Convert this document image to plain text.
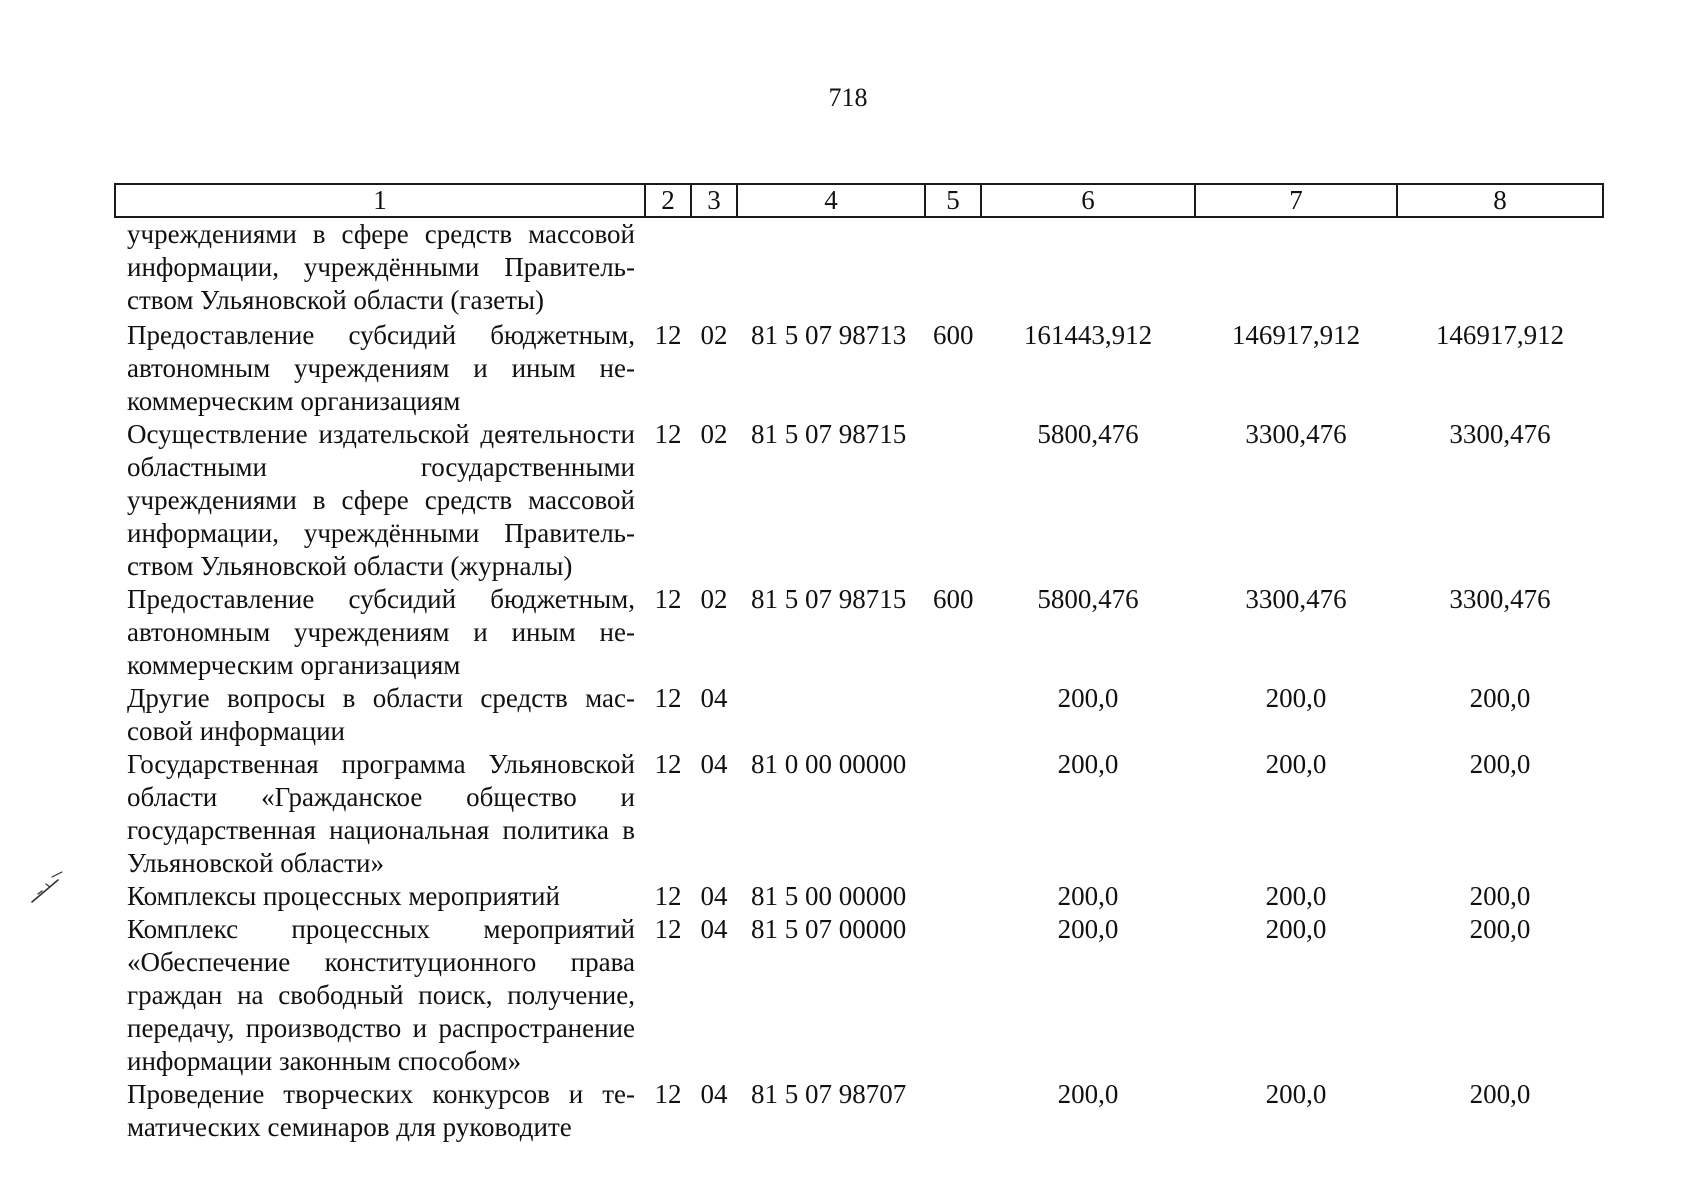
718
1	2	3	4	5	6	7	8
учреждениями в сфере средств массовой информации, учреждёнными Правительством Ульяновской области (газеты)							
Предоставление субсидий бюджетным, автономным учреждениям и иным некоммерческим организациям	12	02	81 5 07 98713	600	161443,912	146917,912	146917,912
Осуществление издательской деятельности областными государственными учреждениями в сфере средств массовой информации, учреждёнными Правительством Ульяновской области (журналы)	12	02	81 5 07 98715		5800,476	3300,476	3300,476
Предоставление субсидий бюджетным, автономным учреждениям и иным некоммерческим организациям	12	02	81 5 07 98715	600	5800,476	3300,476	3300,476
Другие вопросы в области средств массовой информации	12	04			200,0	200,0	200,0
Государственная программа Ульяновской области «Гражданское общество и государственная национальная политика в Ульяновской области»	12	04	81 0 00 00000		200,0	200,0	200,0
Комплексы процессных мероприятий	12	04	81 5 00 00000		200,0	200,0	200,0
Комплекс процессных мероприятий «Обеспечение конституционного права граждан на свободный поиск, получение, передачу, производство и распространение информации законным способом»	12	04	81 5 07 00000		200,0	200,0	200,0
Проведение творческих конкурсов и тематических семинаров для руководите	12	04	81 5 07 98707		200,0	200,0	200,0
